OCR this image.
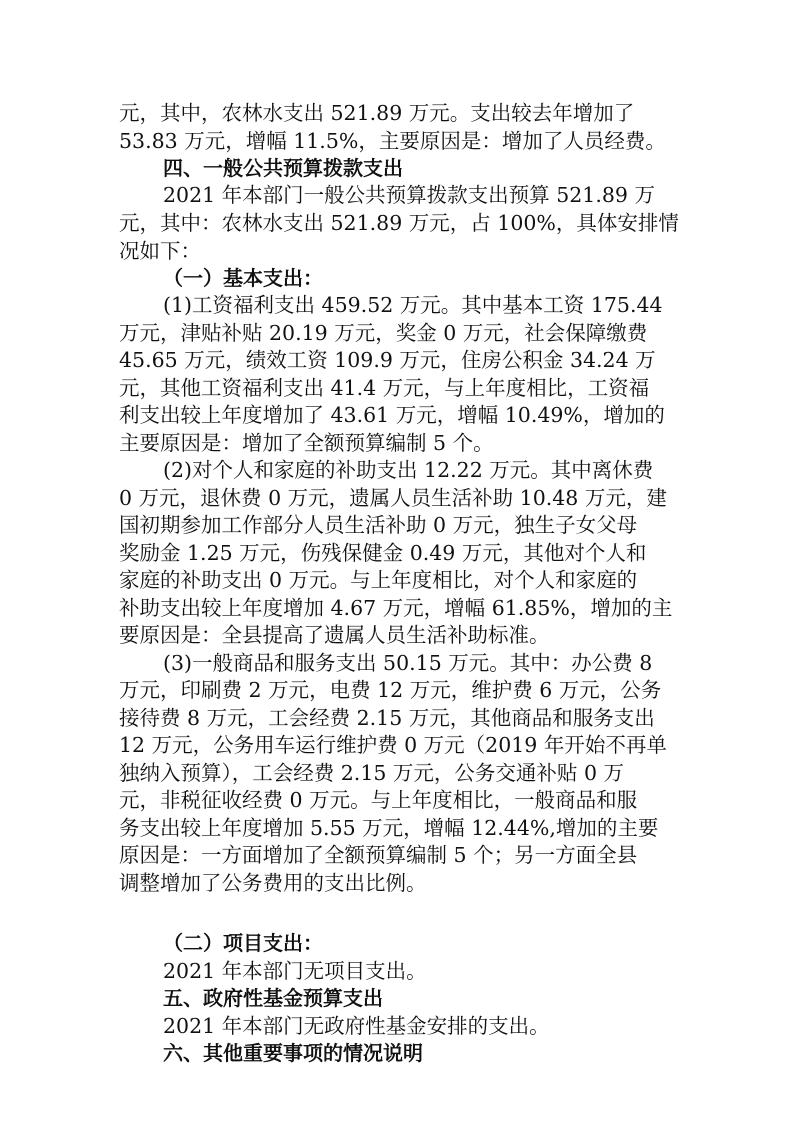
元，其中，农林水支出 521.89 万元。支出较去年增加了
53.83 万元，增幅 11.5%，主要原因是：增加了人员经费。
四、一般公共预算拨款支出
2021 年本部门一般公共预算拨款支出预算 521.89 万
元，其中：农林水支出 521.89 万元，占 100%，具体安排情
况如下：
（一）基本支出：
(1)工资福利支出 459.52 万元。其中基本工资 175.44
万元，津贴补贴 20.19 万元，奖金 0 万元，社会保障缴费
45.65 万元，绩效工资 109.9 万元，住房公积金 34.24 万
元，其他工资福利支出 41.4 万元，与上年度相比，工资福
利支出较上年度增加了 43.61 万元，增幅 10.49%，增加的
主要原因是：增加了全额预算编制 5 个。
(2)对个人和家庭的补助支出 12.22 万元。其中离休费
0 万元，退休费 0 万元，遗属人员生活补助 10.48 万元，建
国初期参加工作部分人员生活补助 0 万元，独生子女父母
奖励金 1.25 万元，伤残保健金 0.49 万元，其他对个人和
家庭的补助支出 0 万元。与上年度相比，对个人和家庭的
补助支出较上年度增加 4.67 万元，增幅 61.85%，增加的主
要原因是：全县提高了遗属人员生活补助标准。
(3)一般商品和服务支出 50.15 万元。其中：办公费 8
万元，印刷费 2 万元，电费 12 万元，维护费 6 万元，公务
接待费 8 万元，工会经费 2.15 万元，其他商品和服务支出
12 万元，公务用车运行维护费 0 万元（2019 年开始不再单
独纳入预算），工会经费 2.15 万元，公务交通补贴 0 万
元，非税征收经费 0 万元。与上年度相比，一般商品和服
务支出较上年度增加 5.55 万元，增幅 12.44%,增加的主要
原因是：一方面增加了全额预算编制 5 个；另一方面全县
调整增加了公务费用的支出比例。
（二）项目支出：
2021 年本部门无项目支出。
五、政府性基金预算支出
2021 年本部门无政府性基金安排的支出。
六、其他重要事项的情况说明
